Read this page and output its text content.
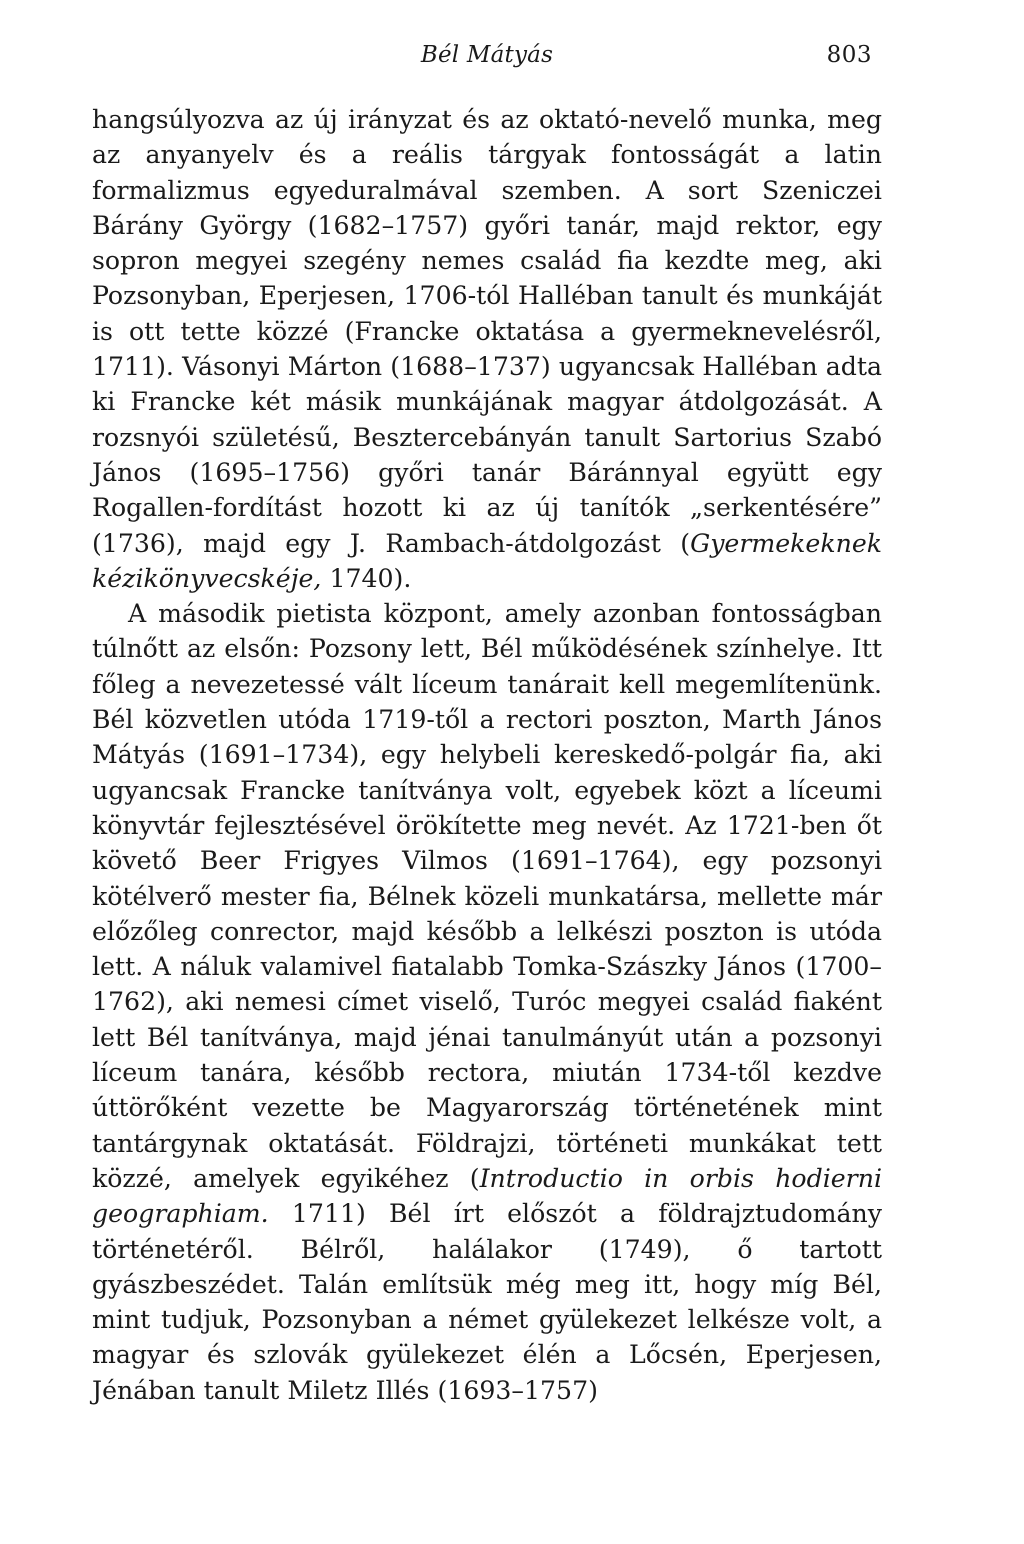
Bél Mátyás	803

hangsúlyozva az új irányzat és az oktató-nevelő munka, meg az anyanyelv és a reális tárgyak fontosságát a latin formalizmus egyeduralmával szemben. A sort Szeniczei Bárány György (1682–1757) győri tanár, majd rektor, egy sopron megyei szegény nemes család fia kezdte meg, aki Pozsonyban, Eperjesen, 1706-tól Halléban tanult és munkáját is ott tette közzé (Francke oktatása a gyermeknevelésről, 1711). Vásonyi Márton (1688–1737) ugyancsak Halléban adta ki Francke két másik munkájának magyar átdolgozását. A rozsnyói születésű, Besztercebányán tanult Sartorius Szabó János (1695–1756) győri tanár Báránnyal együtt egy Rogallen-fordítást hozott ki az új tanítók „serkentésére” (1736), majd egy J. Rambach-átdolgozást (Gyermekeknek kézikönyvecskéje, 1740).

A második pietista központ, amely azonban fontosságban túlnőtt az elsőn: Pozsony lett, Bél működésének színhelye. Itt főleg a nevezetessé vált líceum tanárait kell megemlítenünk. Bél közvetlen utóda 1719-től a rectori poszton, Marth János Mátyás (1691–1734), egy helybeli kereskedő-polgár fia, aki ugyancsak Francke tanítványa volt, egyebek közt a líceumi könyvtár fejlesztésével örökítette meg nevét. Az 1721-ben őt követő Beer Frigyes Vilmos (1691–1764), egy pozsonyi kötélverő mester fia, Bélnek közeli munkatársa, mellette már előzőleg conrector, majd később a lelkészi poszton is utóda lett. A náluk valamivel fiatalabb Tomka-Szászky János (1700–1762), aki nemesi címet viselő, Turóc megyei család fiaként lett Bél tanítványa, majd jénai tanulmányút után a pozsonyi líceum tanára, később rectora, miután 1734-től kezdve úttörőként vezette be Magyarország történetének mint tantárgynak oktatását. Földrajzi, történeti munkákat tett közzé, amelyek egyikéhez (Introductio in orbis hodierni geographiam. 1711) Bél írt előszót a földrajztudomány történetéről. Bélről, halálakor (1749), ő tartott gyászbeszédet. Talán említsük még meg itt, hogy míg Bél, mint tudjuk, Pozsonyban a német gyülekezet lelkésze volt, a magyar és szlovák gyülekezet élén a Lőcsén, Eperjesen, Jénában tanult Miletz Illés (1693–1757)
